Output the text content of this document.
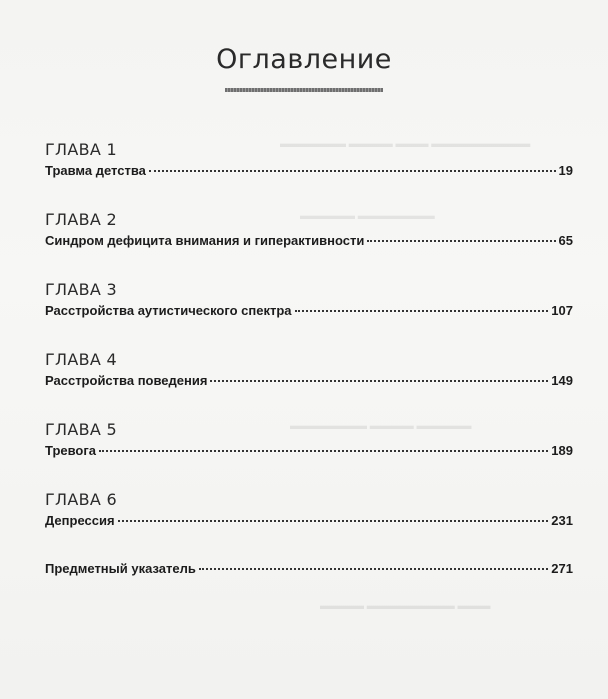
▬▬▬▬▬▬ ▬▬▬▬ ▬▬▬ ▬▬▬▬▬▬▬▬▬
▬▬▬▬▬ ▬▬▬▬▬▬▬
▬▬▬▬▬▬▬ ▬▬▬▬ ▬▬▬▬▬
▬▬▬▬ ▬▬▬▬▬▬▬▬ ▬▬▬
Оглавление
ГЛАВА 1
Травма детства	19
ГЛАВА 2
Синдром дефицита внимания и гиперактивности	65
ГЛАВА 3
Расстройства аутистического спектра	107
ГЛАВА 4
Расстройства поведения	149
ГЛАВА 5
Тревога	189
ГЛАВА 6
Депрессия	231
Предметный указатель	271
